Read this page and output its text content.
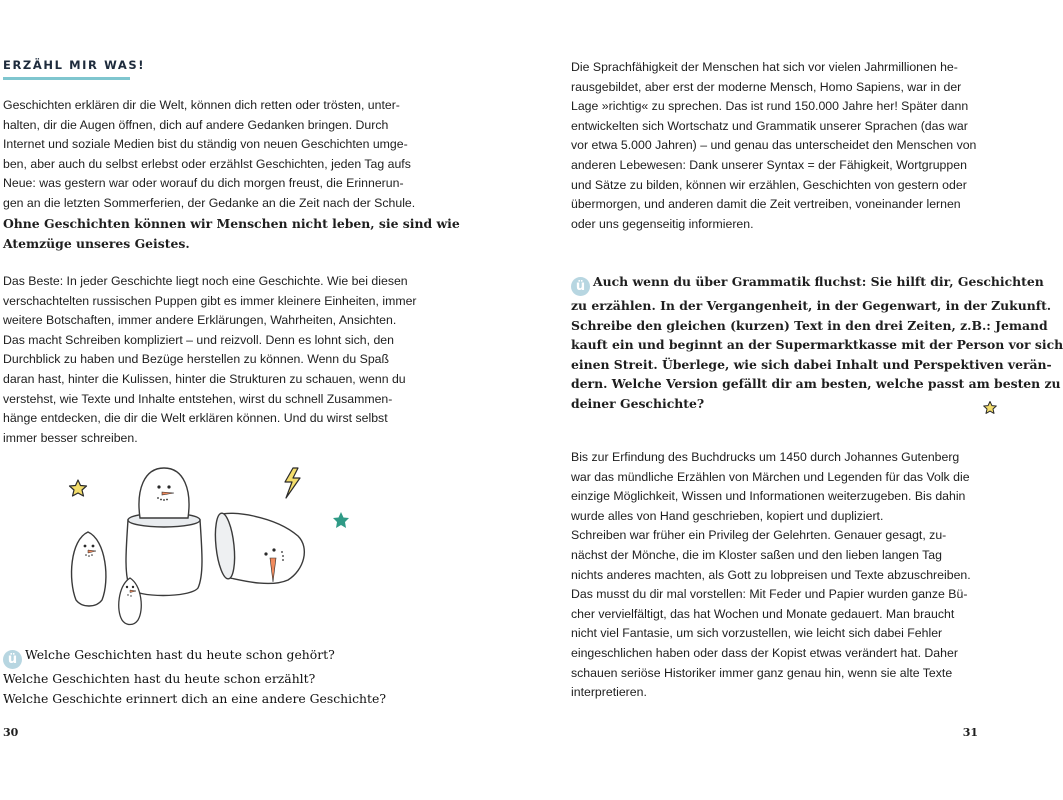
ERZÄHL MIR WAS!
Geschichten erklären dir die Welt, können dich retten oder trösten, unter-
halten, dir die Augen öffnen, dich auf andere Gedanken bringen. Durch
Internet und soziale Medien bist du ständig von neuen Geschichten umge-
ben, aber auch du selbst erlebst oder erzählst Geschichten, jeden Tag aufs
Neue: was gestern war oder worauf du dich morgen freust, die Erinnerun-
gen an die letzten Sommerferien, der Gedanke an die Zeit nach der Schule.
Ohne Geschichten können wir Menschen nicht leben, sie sind wie
Atemzüge unseres Geistes.
Das Beste: In jeder Geschichte liegt noch eine Geschichte. Wie bei diesen
verschachtelten russischen Puppen gibt es immer kleinere Einheiten, immer
weitere Botschaften, immer andere Erklärungen, Wahrheiten, Ansichten.
Das macht Schreiben kompliziert – und reizvoll. Denn es lohnt sich, den
Durchblick zu haben und Bezüge herstellen zu können. Wenn du Spaß
daran hast, hinter die Kulissen, hinter die Strukturen zu schauen, wenn du
verstehst, wie Texte und Inhalte entstehen, wirst du schnell Zusammen-
hänge entdecken, die dir die Welt erklären können. Und du wirst selbst
immer besser schreiben.
ü Welche Geschichten hast du heute schon gehört?
Welche Geschichten hast du heute schon erzählt?
Welche Geschichte erinnert dich an eine andere Geschichte?
30
Die Sprachfähigkeit der Menschen hat sich vor vielen Jahrmillionen he-
rausgebildet, aber erst der moderne Mensch, Homo Sapiens, war in der
Lage »richtig« zu sprechen. Das ist rund 150.000 Jahre her! Später dann
entwickelten sich Wortschatz und Grammatik unserer Sprachen (das war
vor etwa 5.000 Jahren) – und genau das unterscheidet den Menschen von
anderen Lebewesen: Dank unserer Syntax = der Fähigkeit, Wortgruppen
und Sätze zu bilden, können wir erzählen, Geschichten von gestern oder
übermorgen, und anderen damit die Zeit vertreiben, voneinander lernen
oder uns gegenseitig informieren.
ü Auch wenn du über Grammatik fluchst: Sie hilft dir, Geschichten
zu erzählen. In der Vergangenheit, in der Gegenwart, in der Zukunft.
Schreibe den gleichen (kurzen) Text in den drei Zeiten, z.B.: Jemand
kauft ein und beginnt an der Supermarktkasse mit der Person vor sich
einen Streit. Überlege, wie sich dabei Inhalt und Perspektiven verän-
dern. Welche Version gefällt dir am besten, welche passt am besten zu
deiner Geschichte?
Bis zur Erfindung des Buchdrucks um 1450 durch Johannes Gutenberg
war das mündliche Erzählen von Märchen und Legenden für das Volk die
einzige Möglichkeit, Wissen und Informationen weiterzugeben. Bis dahin
wurde alles von Hand geschrieben, kopiert und dupliziert.
Schreiben war früher ein Privileg der Gelehrten. Genauer gesagt, zu-
nächst der Mönche, die im Kloster saßen und den lieben langen Tag
nichts anderes machten, als Gott zu lobpreisen und Texte abzuschreiben.
Das musst du dir mal vorstellen: Mit Feder und Papier wurden ganze Bü-
cher vervielfältigt, das hat Wochen und Monate gedauert. Man braucht
nicht viel Fantasie, um sich vorzustellen, wie leicht sich dabei Fehler
eingeschlichen haben oder dass der Kopist etwas verändert hat. Daher
schauen seriöse Historiker immer ganz genau hin, wenn sie alte Texte
interpretieren.
31
